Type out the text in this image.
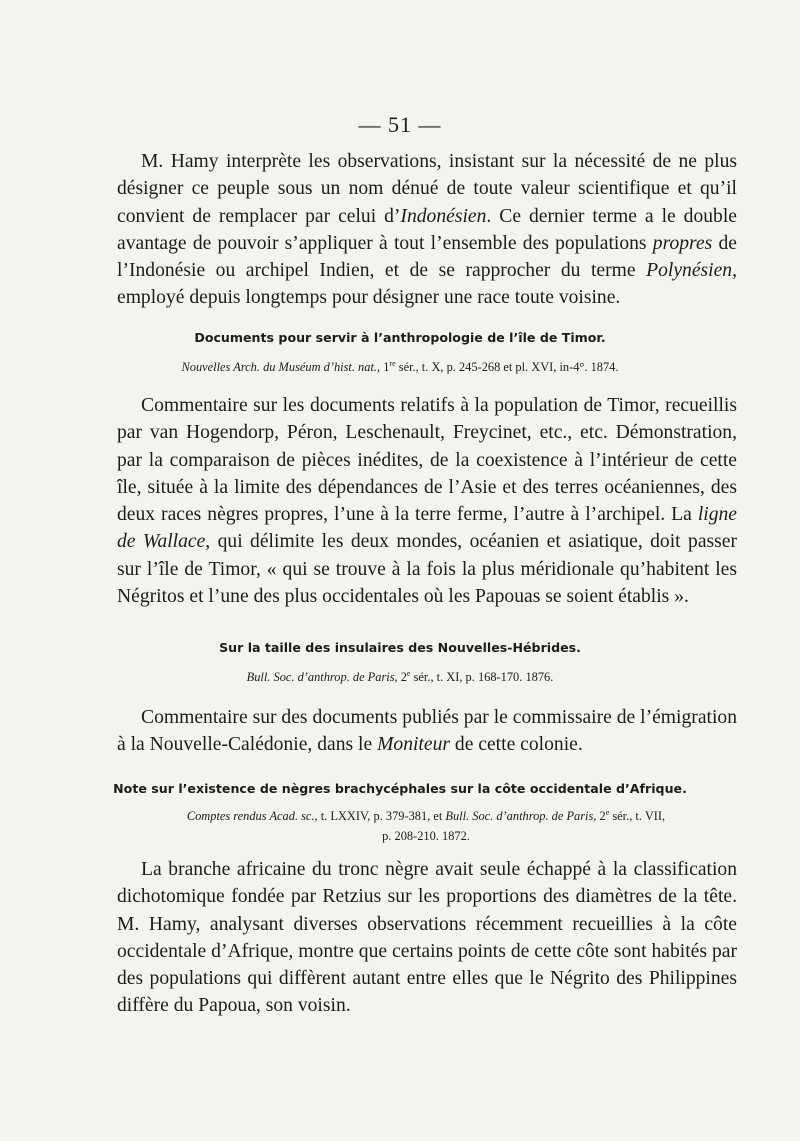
— 51 —

M. Hamy interprète les observations, insistant sur la nécessité de ne plus désigner ce peuple sous un nom dénué de toute valeur scientifique et qu’il convient de remplacer par celui d’Indonésien. Ce dernier terme a le double avantage de pouvoir s’appliquer à tout l’ensemble des populations propres de l’Indonésie ou archipel Indien, et de se rapprocher du terme Polynésien, employé depuis longtemps pour désigner une race toute voisine.

Documents pour servir à l’anthropologie de l’île de Timor.
Nouvelles Arch. du Muséum d’hist. nat., 1re sér., t. X, p. 245-268 et pl. XVI, in-4°. 1874.

Commentaire sur les documents relatifs à la population de Timor, recueillis par van Hogendorp, Péron, Leschenault, Freycinet, etc., etc. Démonstration, par la comparaison de pièces inédites, de la coexistence à l’intérieur de cette île, située à la limite des dépendances de l’Asie et des terres océaniennes, des deux races nègres propres, l’une à la terre ferme, l’autre à l’archipel. La ligne de Wallace, qui délimite les deux mondes, océanien et asiatique, doit passer sur l’île de Timor, « qui se trouve à la fois la plus méridionale qu’habitent les Négritos et l’une des plus occidentales où les Papouas se soient établis ».

Sur la taille des insulaires des Nouvelles-Hébrides.
Bull. Soc. d’anthrop. de Paris, 2e sér., t. XI, p. 168-170. 1876.

Commentaire sur des documents publiés par le commissaire de l’émigration à la Nouvelle-Calédonie, dans le Moniteur de cette colonie.

Note sur l’existence de nègres brachycéphales sur la côte occidentale d’Afrique.
Comptes rendus Acad. sc., t. LXXIV, p. 379-381, et Bull. Soc. d’anthrop. de Paris, 2e sér., t. VII,
p. 208-210. 1872.

La branche africaine du tronc nègre avait seule échappé à la classification dichotomique fondée par Retzius sur les proportions des diamètres de la tête. M. Hamy, analysant diverses observations récemment recueillies à la côte occidentale d’Afrique, montre que certains points de cette côte sont habités par des populations qui diffèrent autant entre elles que le Négrito des Philippines diffère du Papoua, son voisin.
